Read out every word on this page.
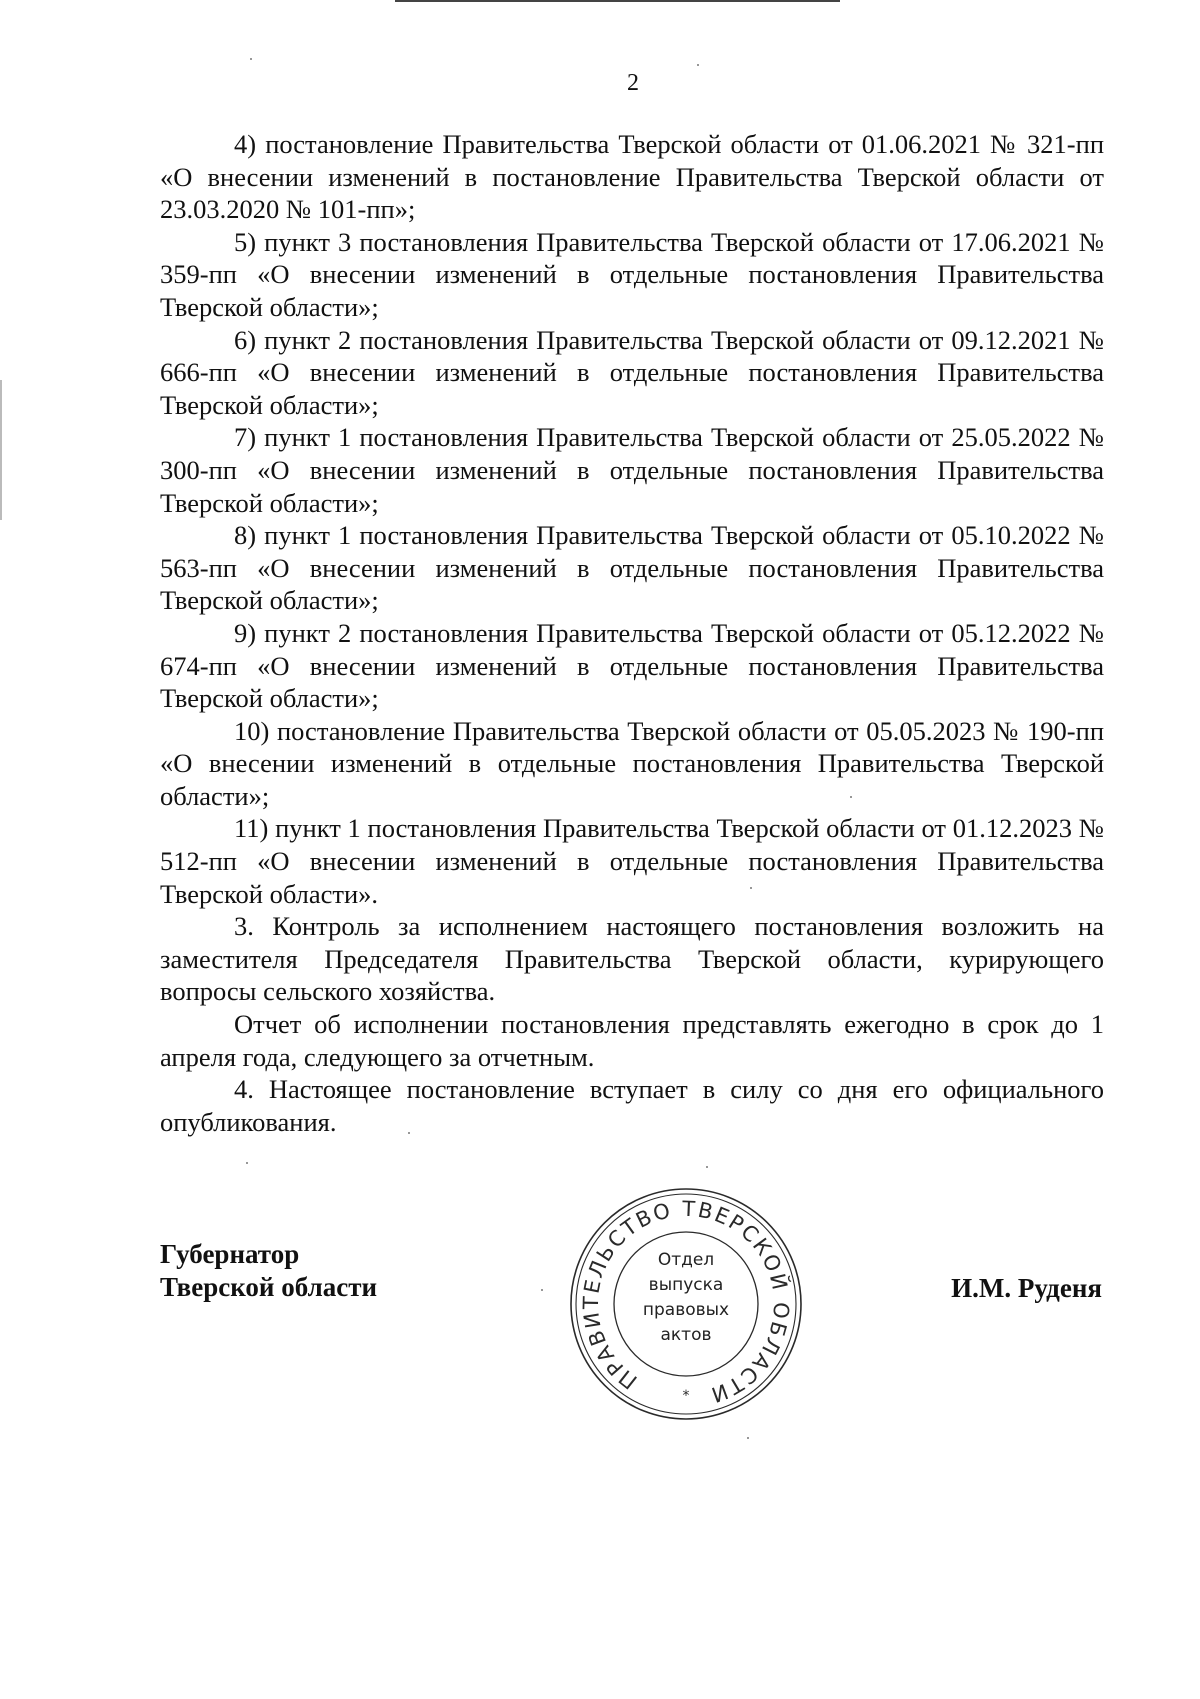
2

4) постановление Правительства Тверской области от 01.06.2021 № 321-пп «О внесении изменений в постановление Правительства Тверской области от 23.03.2020 № 101-пп»;

5) пункт 3 постановления Правительства Тверской области от 17.06.2021 № 359-пп «О внесении изменений в отдельные постановления Правительства Тверской области»;

6) пункт 2 постановления Правительства Тверской области от 09.12.2021 № 666-пп «О внесении изменений в отдельные постановления Правительства Тверской области»;

7) пункт 1 постановления Правительства Тверской области от 25.05.2022 № 300-пп «О внесении изменений в отдельные постановления Правительства Тверской области»;

8) пункт 1 постановления Правительства Тверской области от 05.10.2022 № 563-пп «О внесении изменений в отдельные постановления Правительства Тверской области»;

9) пункт 2 постановления Правительства Тверской области от 05.12.2022 № 674-пп «О внесении изменений в отдельные постановления Правительства Тверской области»;

10) постановление Правительства Тверской области от 05.05.2023 № 190-пп «О внесении изменений в отдельные постановления Правительства Тверской области»;

11) пункт 1 постановления Правительства Тверской области от 01.12.2023 № 512-пп «О внесении изменений в отдельные постановления Правительства Тверской области».

3. Контроль за исполнением настоящего постановления возложить на заместителя Председателя Правительства Тверской области, курирующего вопросы сельского хозяйства.

Отчет об исполнении постановления представлять ежегодно в срок до 1 апреля года, следующего за отчетным.

4. Настоящее постановление вступает в силу со дня его официального опубликования.

Губернатор
Тверской области
ПРАВИТЕЛЬСТВО ТВЕРСКОЙ ОБЛАСТИ
*
Отдел
выпуска
правовых
актов
И.М. Руденя
